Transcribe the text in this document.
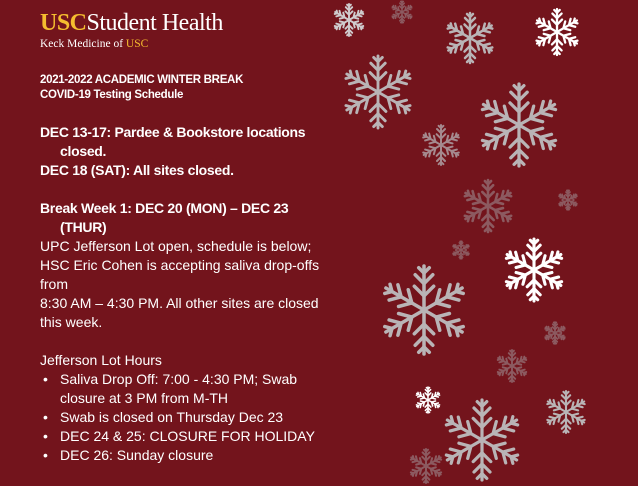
USCStudent Health
Keck Medicine of USC
2021-2022 ACADEMIC WINTER BREAK
COVID-19 Testing Schedule
DEC 13-17: Pardee & Bookstore locations
closed.
DEC 18 (SAT): All sites closed.
Break Week 1: DEC 20 (MON) – DEC 23
(THUR)
UPC Jefferson Lot open, schedule is below;
HSC Eric Cohen is accepting saliva drop-offs
from
8:30 AM – 4:30 PM. All other sites are closed
this week.
Jefferson Lot Hours
• Saliva Drop Off: 7:00 - 4:30 PM; Swab
closure at 3 PM from M-TH
• Swab is closed on Thursday Dec 23
• DEC 24 & 25: CLOSURE FOR HOLIDAY
• DEC 26: Sunday closure
